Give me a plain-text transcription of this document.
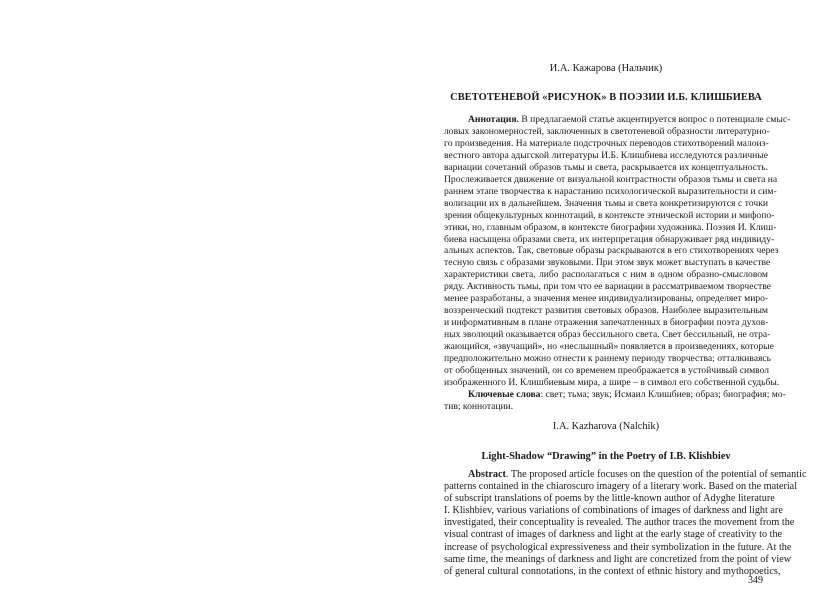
И.А. Кажарова (Нальчик)
СВЕТОТЕНЕВОЙ «РИСУНОК» В ПОЭЗИИ И.Б. КЛИШБИЕВА
Аннотация. В предлагаемой статье акцентируется вопрос о потенциале смыс-
ловых закономерностей, заключенных в светотеневой образности литературно-
го произведения. На материале подстрочных переводов стихотворений малоиз-
вестного автора адыгской литературы И.Б. Клишбиева исследуются различные
вариации сочетаний образов тьмы и света, раскрывается их концептуальность.
Прослеживается движение от визуальной контрастности образов тьмы и света на
раннем этапе творчества к нарастанию психологической выразительности и сим-
волизации их в дальнейшем. Значения тьмы и света конкретизируются с точки
зрения общекультурных коннотаций, в контексте этнической истории и мифопо-
этики, но, главным образом, в контексте биографии художника. Поэзия И. Клиш-
биева насыщена образами света, их интерпретация обнаруживает ряд индивиду-
альных аспектов. Так, световые образы раскрываются в его стихотворениях через
тесную связь с образами звуковыми. При этом звук может выступать в качестве
характеристики света, либо располагаться с ним в одном образно-смысловом
ряду. Активность тьмы, при том что ее вариации в рассматриваемом творчестве
менее разработаны, а значения менее индивидуализированы, определяет миро-
воззренческий подтекст развития световых образов. Наиболее выразительным
и информативным в плане отражения запечатленных в биографии поэта духов-
ных эволюций оказывается образ бессильного света. Свет бессильный, не отра-
жающийся, «звучащий», но «неслышный» появляется в произведениях, которые
предположительно можно отнести к раннему периоду творчества; отталкиваясь
от обобщенных значений, он со временем преображается в устойчивый символ
изображенного И. Клишбиевым мира, а шире – в символ его собственной судьбы.
Ключевые слова: свет; тьма; звук; Исмаил Клишбиев; образ; биография; мо-
тив; коннотации.
I.A. Kazharova (Nalchik)
Light-Shadow “Drawing” in the Poetry of I.B. Klishbiev
Abstract. The proposed article focuses on the question of the potential of semantic
patterns contained in the chiaroscuro imagery of a literary work. Based on the material
of subscript translations of poems by the little-known author of Adyghe literature
I. Klishbiev, various variations of combinations of images of darkness and light are
investigated, their conceptuality is revealed. The author traces the movement from the
visual contrast of images of darkness and light at the early stage of creativity to the
increase of psychological expressiveness and their symbolization in the future. At the
same time, the meanings of darkness and light are concretized from the point of view
of general cultural connotations, in the context of ethnic history and mythopoetics,
349
